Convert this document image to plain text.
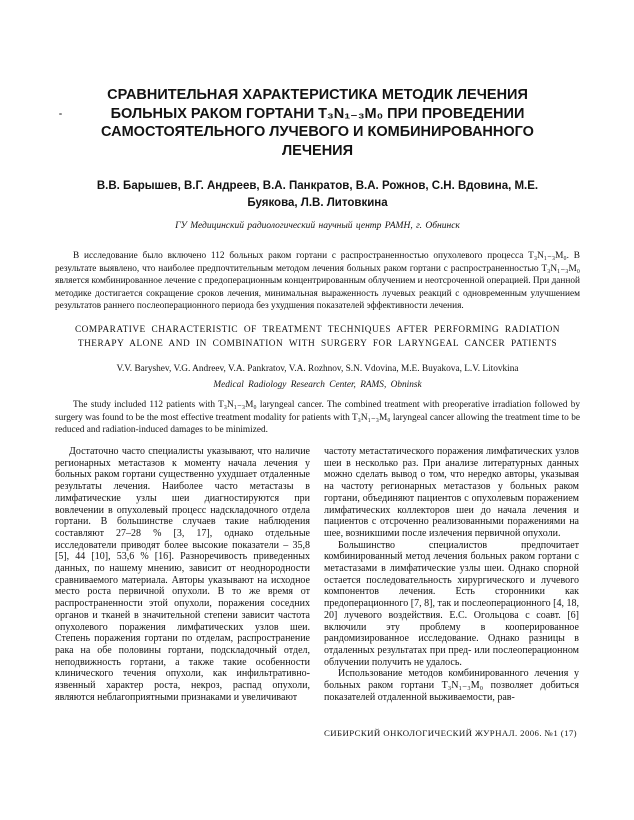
СРАВНИТЕЛЬНАЯ ХАРАКТЕРИСТИКА МЕТОДИК ЛЕЧЕНИЯ БОЛЬНЫХ РАКОМ ГОРТАНИ T₃N₁₋₃M₀ ПРИ ПРОВЕДЕНИИ САМОСТОЯТЕЛЬНОГО ЛУЧЕВОГО И КОМБИНИРОВАННОГО ЛЕЧЕНИЯ
В.В. Барышев, В.Г. Андреев, В.А. Панкратов, В.А. Рожнов, С.Н. Вдовина, М.Е. Буякова, Л.В. Литовкина
ГУ Медицинский радиологический научный центр РАМН, г. Обнинск

В исследование было включено 112 больных раком гортани с распространенностью опухолевого процесса T₃N₁₋₃M₀. В результате выявлено, что наиболее предпочтительным методом лечения больных раком гортани с распространенностью T₃N₁₋₃M₀ является комбинированное лечение с предоперационным концентрированным облучением и неотсроченной операцией. При данной методике достигается сокращение сроков лечения, минимальная выраженность лучевых реакций с одновременным улучшением результатов раннего послеоперационного периода без ухудшения показателей эффективности лечения.

COMPARATIVE CHARACTERISTIC OF TREATMENT TECHNIQUES AFTER PERFORMING RADIATION THERAPY ALONE AND IN COMBINATION WITH SURGERY FOR LARYNGEAL CANCER PATIENTS
V.V. Baryshev, V.G. Andreev, V.A. Pankratov, V.A. Rozhnov, S.N. Vdovina, M.E. Buyakova, L.V. Litovkina
Medical Radiology Research Center, RAMS, Obninsk

The study included 112 patients with T₃N₁₋₃M₀ laryngeal cancer. The combined treatment with preoperative irradiation followed by surgery was found to be the most effective treatment modality for patients with T₃N₁₋₃M₀ laryngeal cancer allowing the treatment time to be reduced and radiation-induced damages to be minimized.

Достаточно часто специалисты указывают, что наличие регионарных метастазов к моменту начала лечения у больных раком гортани существенно ухудшает отдаленные результаты лечения. Наиболее часто метастазы в лимфатические узлы шеи диагностируются при вовлечении в опухолевый процесс надскладочного отдела гортани. В большинстве случаев такие наблюдения составляют 27–28 % [3, 17], однако отдельные исследователи приводят более высокие показатели – 35,8 [5], 44 [10], 53,6 % [16]. Разноречивость приведенных данных, по нашему мнению, зависит от неоднородности сравниваемого материала. Авторы указывают на исходное место роста первичной опухоли. В то же время от распространенности этой опухоли, поражения соседних органов и тканей в значительной степени зависит частота опухолевого поражения лимфатических узлов шеи. Степень поражения гортани по отделам, распространение рака на обе половины гортани, подскладочный отдел, неподвижность гортани, а также такие особенности клинического течения опухоли, как инфильтративно-язвенный характер роста, некроз, распад опухоли, являются неблагоприятными признаками и увеличивают

частоту метастатического поражения лимфатических узлов шеи в несколько раз. При анализе литературных данных можно сделать вывод о том, что нередко авторы, указывая на частоту регионарных метастазов у больных раком гортани, объединяют пациентов с опухолевым поражением лимфатических коллекторов шеи до начала лечения и пациентов с отсроченно реализованными поражениями на шее, возникшими после излечения первичной опухоли.

Большинство специалистов предпочитает комбинированный метод лечения больных раком гортани с метастазами в лимфатические узлы шеи. Однако спорной остается последовательность хирургического и лучевого компонентов лечения. Есть сторонники как предоперационного [7, 8], так и послеоперационного [4, 18, 20] лучевого воздействия. Е.С. Огольцова с соавт. [6] включили эту проблему в кооперированное рандомизированное исследование. Однако разницы в отдаленных результатах при пред- или послеоперационном облучении получить не удалось.

Использование методов комбинированного лечения у больных раком гортани T₃N₁₋₃M₀ позволяет добиться показателей отдаленной выживаемости, рав-

СИБИРСКИЙ ОНКОЛОГИЧЕСКИЙ ЖУРНАЛ. 2006. №1 (17)
